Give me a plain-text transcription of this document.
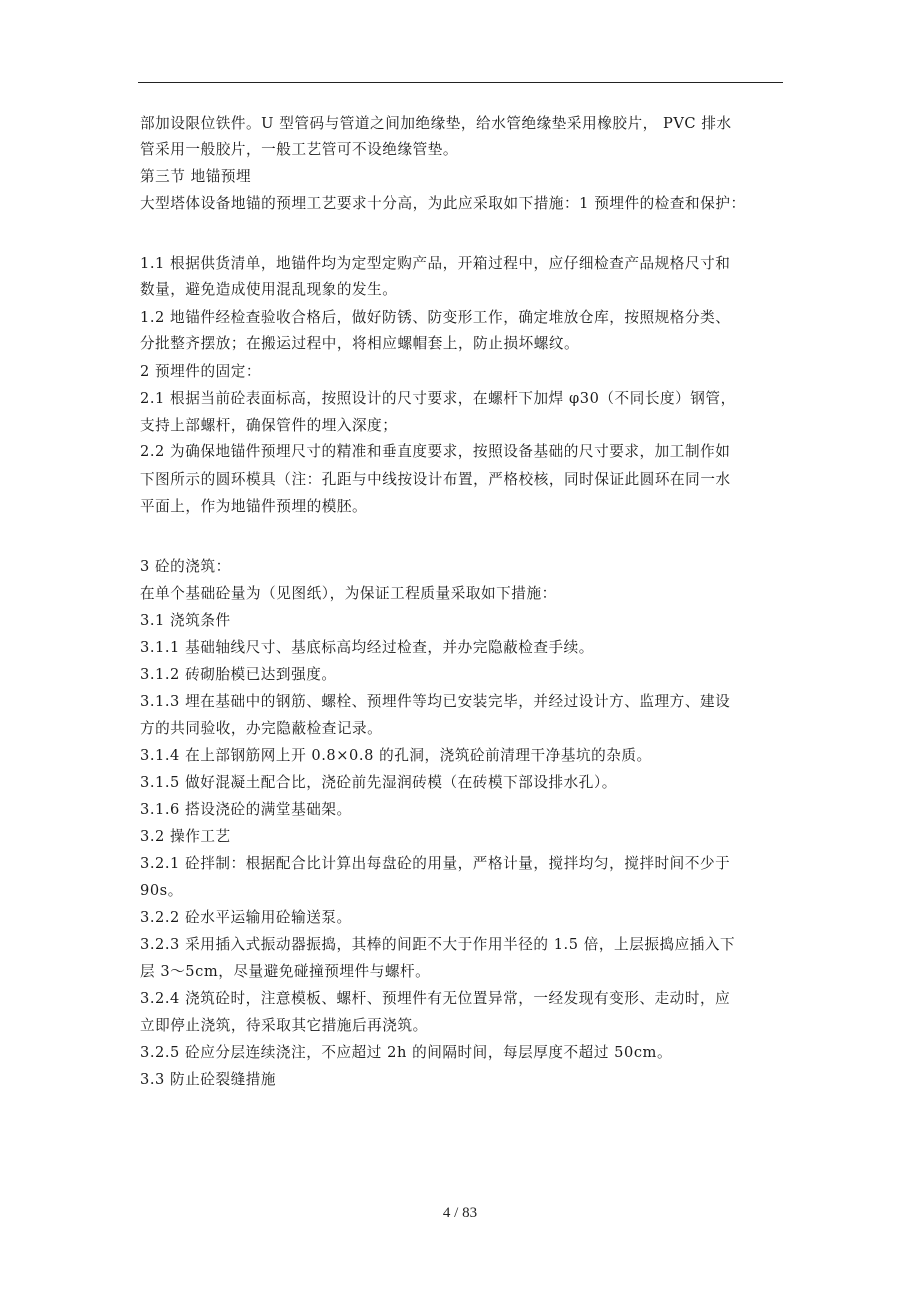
部加设限位铁件。U 型管码与管道之间加绝缘垫，给水管绝缘垫采用橡胶片， PVC 排水
管采用一般胶片，一般工艺管可不设绝缘管垫。
第三节 地锚预埋
大型塔体设备地锚的预埋工艺要求十分高，为此应采取如下措施：1 预埋件的检查和保护：
1.1 根据供货清单，地锚件均为定型定购产品，开箱过程中，应仔细检查产品规格尺寸和
数量，避免造成使用混乱现象的发生。
1.2 地锚件经检查验收合格后，做好防锈、防变形工作，确定堆放仓库，按照规格分类、
分批整齐摆放；在搬运过程中，将相应螺帽套上，防止损坏螺纹。
2 预埋件的固定：
2.1 根据当前砼表面标高，按照设计的尺寸要求，在螺杆下加焊 φ30（不同长度）钢管，
支持上部螺杆，确保管件的埋入深度；
2.2 为确保地锚件预埋尺寸的精准和垂直度要求，按照设备基础的尺寸要求，加工制作如
下图所示的圆环模具（注：孔距与中线按设计布置，严格校核，同时保证此圆环在同一水
平面上，作为地锚件预埋的模胚。
3 砼的浇筑：
在单个基础砼量为（见图纸），为保证工程质量采取如下措施：
3.1 浇筑条件
3.1.1 基础轴线尺寸、基底标高均经过检查，并办完隐蔽检查手续。
3.1.2 砖砌胎模已达到强度。
3.1.3 埋在基础中的钢筋、螺栓、预埋件等均已安装完毕，并经过设计方、监理方、建设
方的共同验收，办完隐蔽检查记录。
3.1.4 在上部钢筋网上开 0.8×0.8 的孔洞，浇筑砼前清理干净基坑的杂质。
3.1.5 做好混凝土配合比，浇砼前先湿润砖模（在砖模下部设排水孔）。
3.1.6 搭设浇砼的满堂基础架。
3.2 操作工艺
3.2.1 砼拌制：根据配合比计算出每盘砼的用量，严格计量，搅拌均匀，搅拌时间不少于
90s。
3.2.2 砼水平运输用砼输送泵。
3.2.3 采用插入式振动器振捣，其棒的间距不大于作用半径的 1.5 倍，上层振捣应插入下
层 3～5cm，尽量避免碰撞预埋件与螺杆。
3.2.4 浇筑砼时，注意模板、螺杆、预埋件有无位置异常，一经发现有变形、走动时，应
立即停止浇筑，待采取其它措施后再浇筑。
3.2.5 砼应分层连续浇注，不应超过 2h 的间隔时间，每层厚度不超过 50cm。
3.3 防止砼裂缝措施
4 / 83
